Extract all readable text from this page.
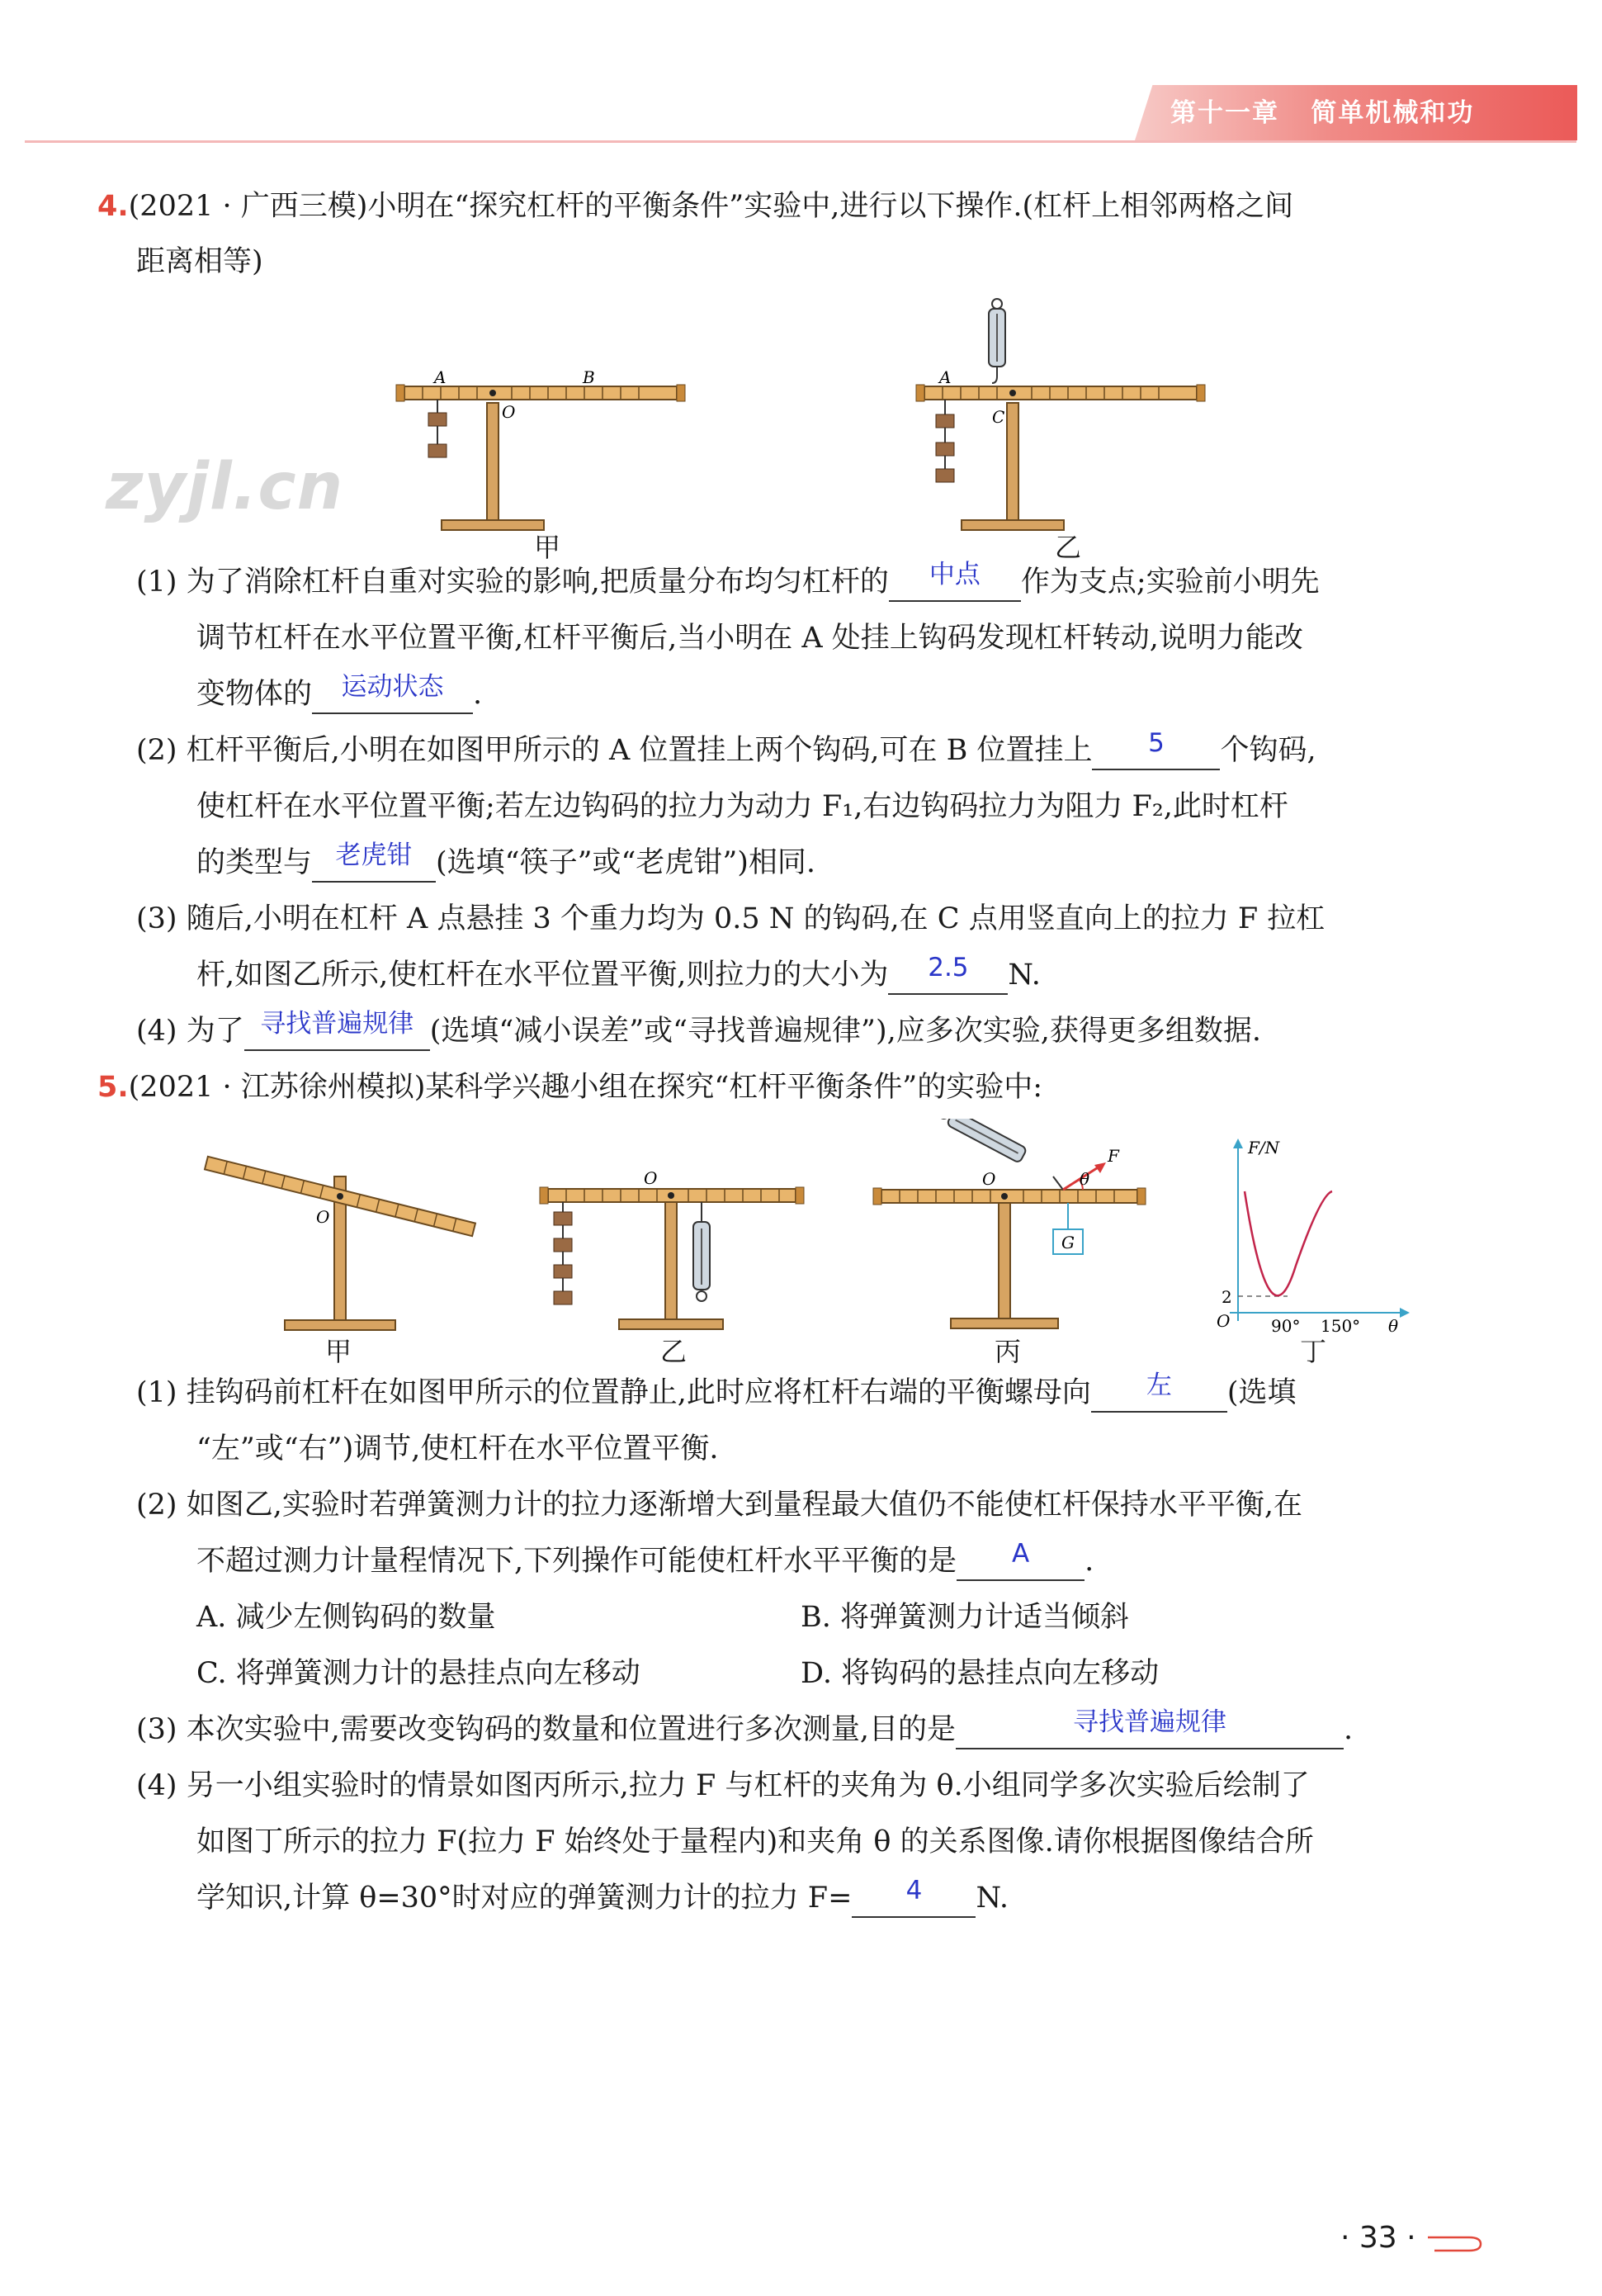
第十一章 简单机械和功
zyjl.cn
4.(2021 · 广西三模)小明在“探究杠杆的平衡条件”实验中,进行以下操作.(杠杆上相邻两格之间
距离相等)
A	B
O
甲
A
C
乙
(1) 为了消除杠杆自重对实验的影响,把质量分布均匀杠杆的 中点 作为支点;实验前小明先
调节杠杆在水平位置平衡,杠杆平衡后,当小明在 A 处挂上钩码发现杠杆转动,说明力能改
变物体的 运动状态 .
(2) 杠杆平衡后,小明在如图甲所示的 A 位置挂上两个钩码,可在 B 位置挂上 5 个钩码,
使杠杆在水平位置平衡;若左边钩码的拉力为动力 F₁,右边钩码拉力为阻力 F₂,此时杠杆
的类型与 老虎钳 (选填“筷子”或“老虎钳”)相同.
(3) 随后,小明在杠杆 A 点悬挂 3 个重力均为 0.5 N 的钩码,在 C 点用竖直向上的拉力 F 拉杠
杆,如图乙所示,使杠杆在水平位置平衡,则拉力的大小为 2.5 N.
(4) 为了 寻找普遍规律 (选填“减小误差”或“寻找普遍规律”),应多次实验,获得更多组数据.
5.(2021 · 江苏徐州模拟)某科学兴趣小组在探究“杠杆平衡条件”的实验中:
O
甲
O
乙
G
θ
F
O
丙
F/N
2
O 90° 150° θ
丁
(1) 挂钩码前杠杆在如图甲所示的位置静止,此时应将杠杆右端的平衡螺母向 左 (选填
“左”或“右”)调节,使杠杆在水平位置平衡.
(2) 如图乙,实验时若弹簧测力计的拉力逐渐增大到量程最大值仍不能使杠杆保持水平平衡,在
不超过测力计量程情况下,下列操作可能使杠杆水平平衡的是 A .
A. 减少左侧钩码的数量	B. 将弹簧测力计适当倾斜
C. 将弹簧测力计的悬挂点向左移动	D. 将钩码的悬挂点向左移动
(3) 本次实验中,需要改变钩码的数量和位置进行多次测量,目的是	寻找普遍规律	.
(4) 另一小组实验时的情景如图丙所示,拉力 F 与杠杆的夹角为 θ.小组同学多次实验后绘制了
如图丁所示的拉力 F(拉力 F 始终处于量程内)和夹角 θ 的关系图像.请你根据图像结合所
学知识,计算 θ=30°时对应的弹簧测力计的拉力 F= 4 N.
· 33 ·
